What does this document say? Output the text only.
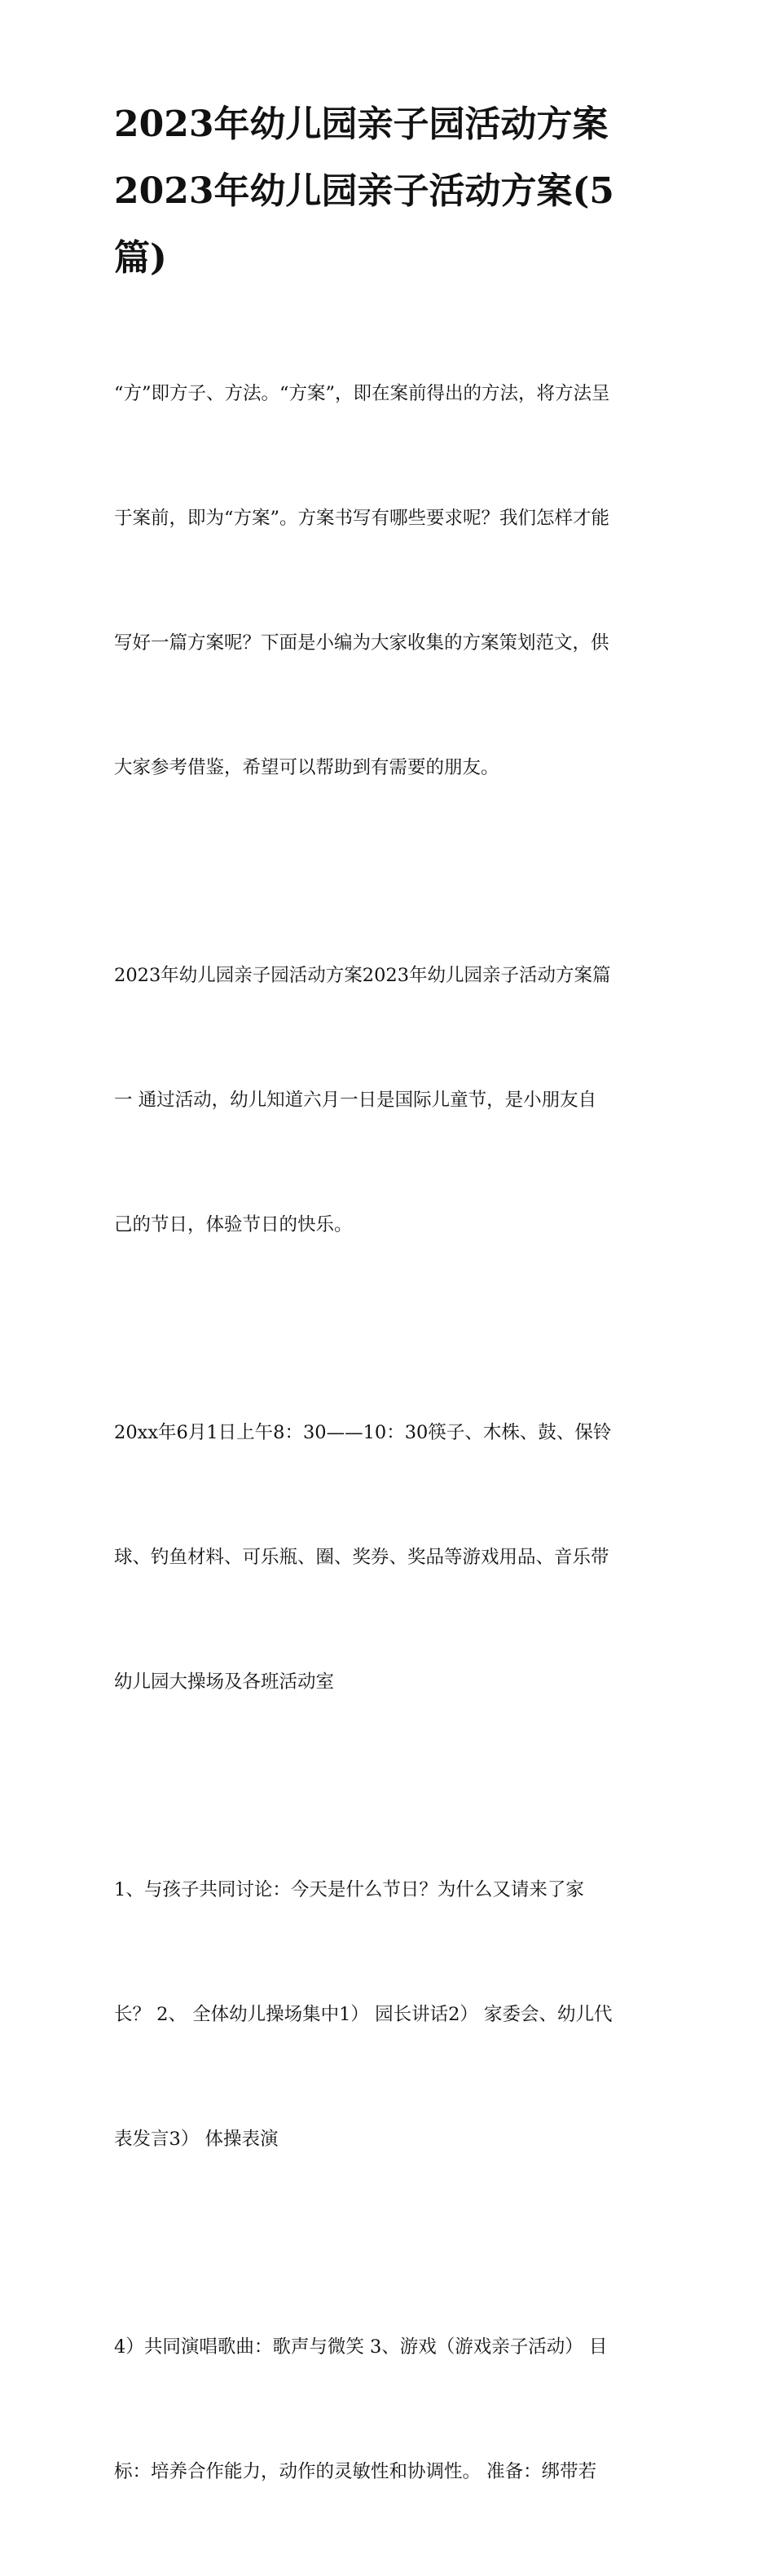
2023年幼儿园亲子园活动方案
2023年幼儿园亲子活动方案(5
篇)

“方”即方子、方法。“方案”，即在案前得出的方法，将方法呈

于案前，即为“方案”。方案书写有哪些要求呢？我们怎样才能

写好一篇方案呢？下面是小编为大家收集的方案策划范文，供

大家参考借鉴，希望可以帮助到有需要的朋友。

2023年幼儿园亲子园活动方案2023年幼儿园亲子活动方案篇

一 通过活动，幼儿知道六月一日是国际儿童节，是小朋友自

己的节日，体验节日的快乐。

20xx年6月1日上午8：30——10：30筷子、木株、鼓、保铃

球、钓鱼材料、可乐瓶、圈、奖券、奖品等游戏用品、音乐带

幼儿园大操场及各班活动室

1、与孩子共同讨论：今天是什么节日？为什么又请来了家

长？ 2、 全体幼儿操场集中1） 园长讲话2） 家委会、幼儿代

表发言3） 体操表演

4）共同演唱歌曲：歌声与微笑 3、游戏（游戏亲子活动） 目

标：培养合作能力，动作的灵敏性和协调性。 准备：绑带若
